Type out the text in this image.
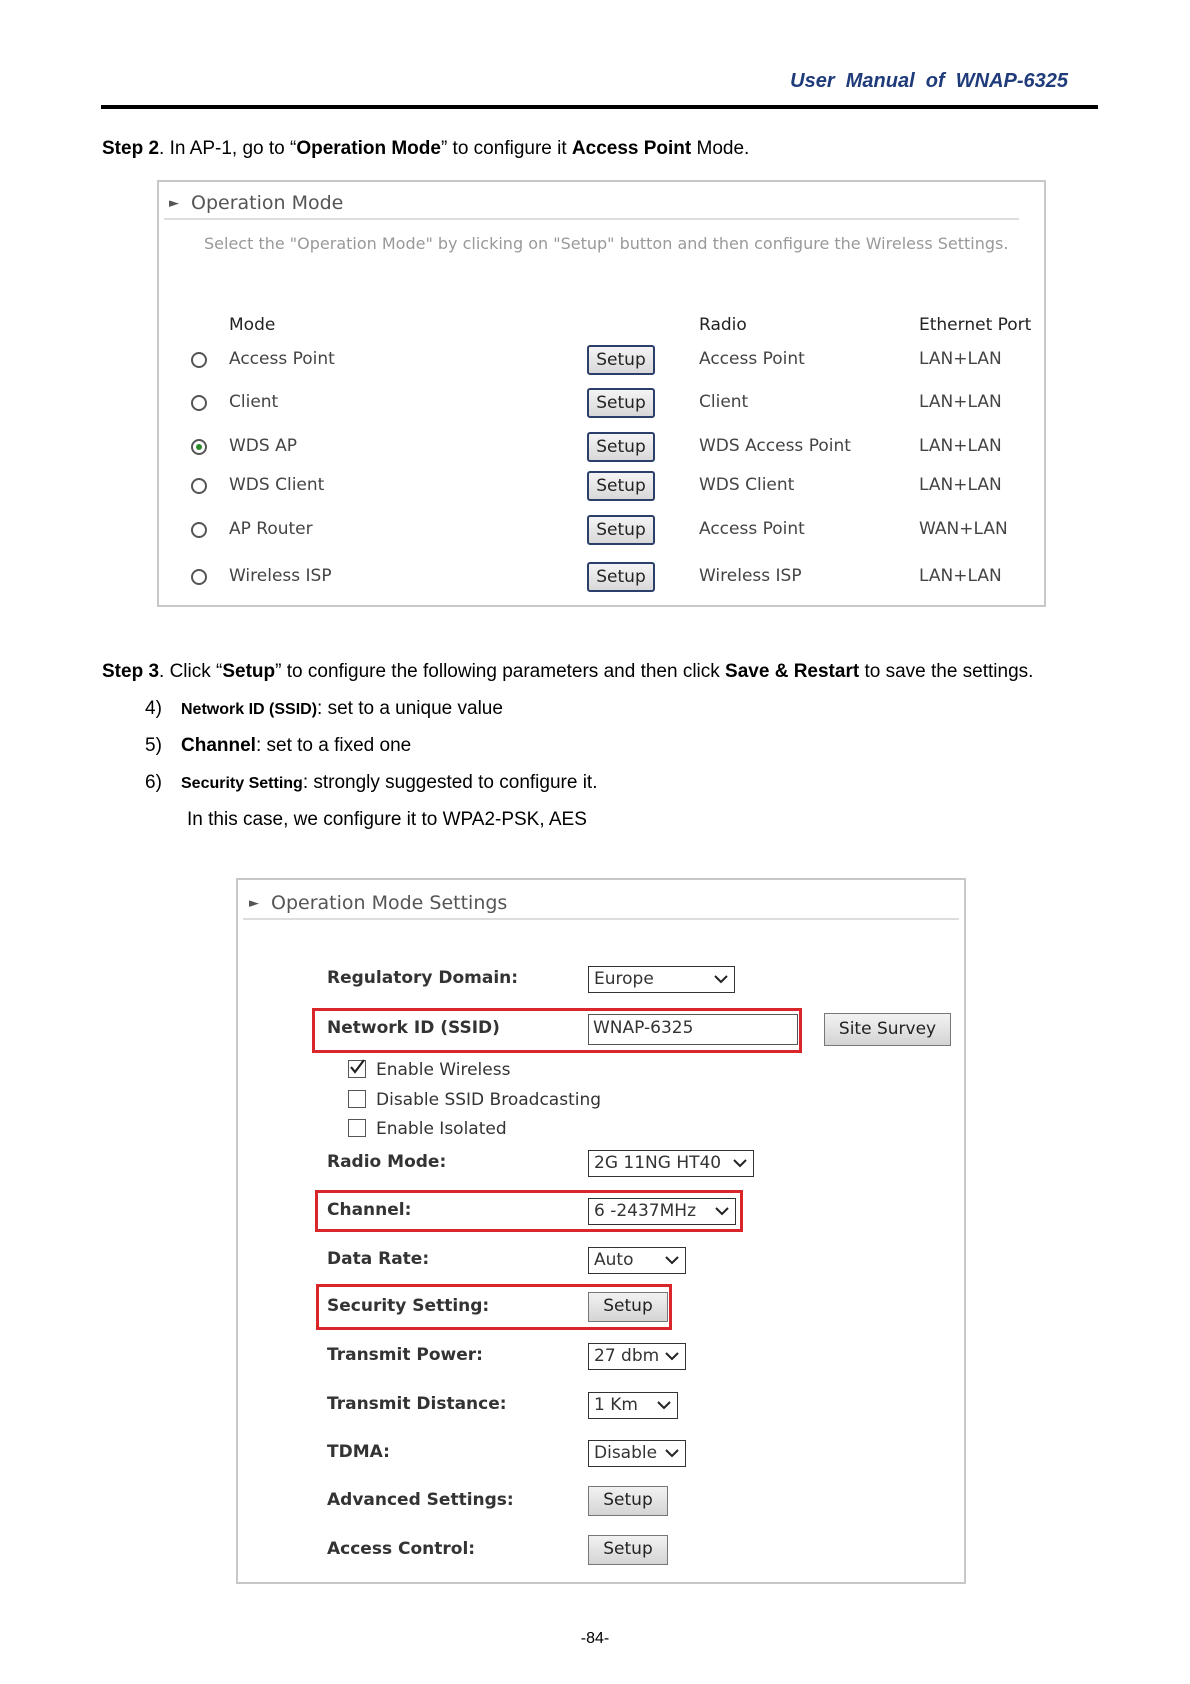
User  Manual  of  WNAP-6325
Step 2. In AP-1, go to “Operation Mode” to configure it Access Point Mode.
► Operation Mode
Select the "Operation Mode" by clicking on "Setup" button and then configure the Wireless Settings.
Mode	Radio	Ethernet Port
Access Point	Setup	Access Point	LAN+LAN
Client	Setup	Client	LAN+LAN
WDS AP	Setup	WDS Access Point	LAN+LAN
WDS Client	Setup	WDS Client	LAN+LAN
AP Router	Setup	Access Point	WAN+LAN
Wireless ISP	Setup	Wireless ISP	LAN+LAN
Step 3. Click “Setup” to configure the following parameters and then click Save & Restart to save the settings.
4) Network ID (SSID): set to a unique value
5) Channel: set to a fixed one
6) Security Setting: strongly suggested to configure it.
In this case, we configure it to WPA2-PSK, AES
► Operation Mode Settings
Regulatory Domain:	Europe
Network ID (SSID)	WNAP-6325	Site Survey
Enable Wireless
Disable SSID Broadcasting
Enable Isolated
Radio Mode:	2G 11NG HT40
Channel:	6 -2437MHz
Data Rate:	Auto
Security Setting:	Setup
Transmit Power:	27 dbm
Transmit Distance:	1 Km
TDMA:	Disable
Advanced Settings:	Setup
Access Control:	Setup
-84-
